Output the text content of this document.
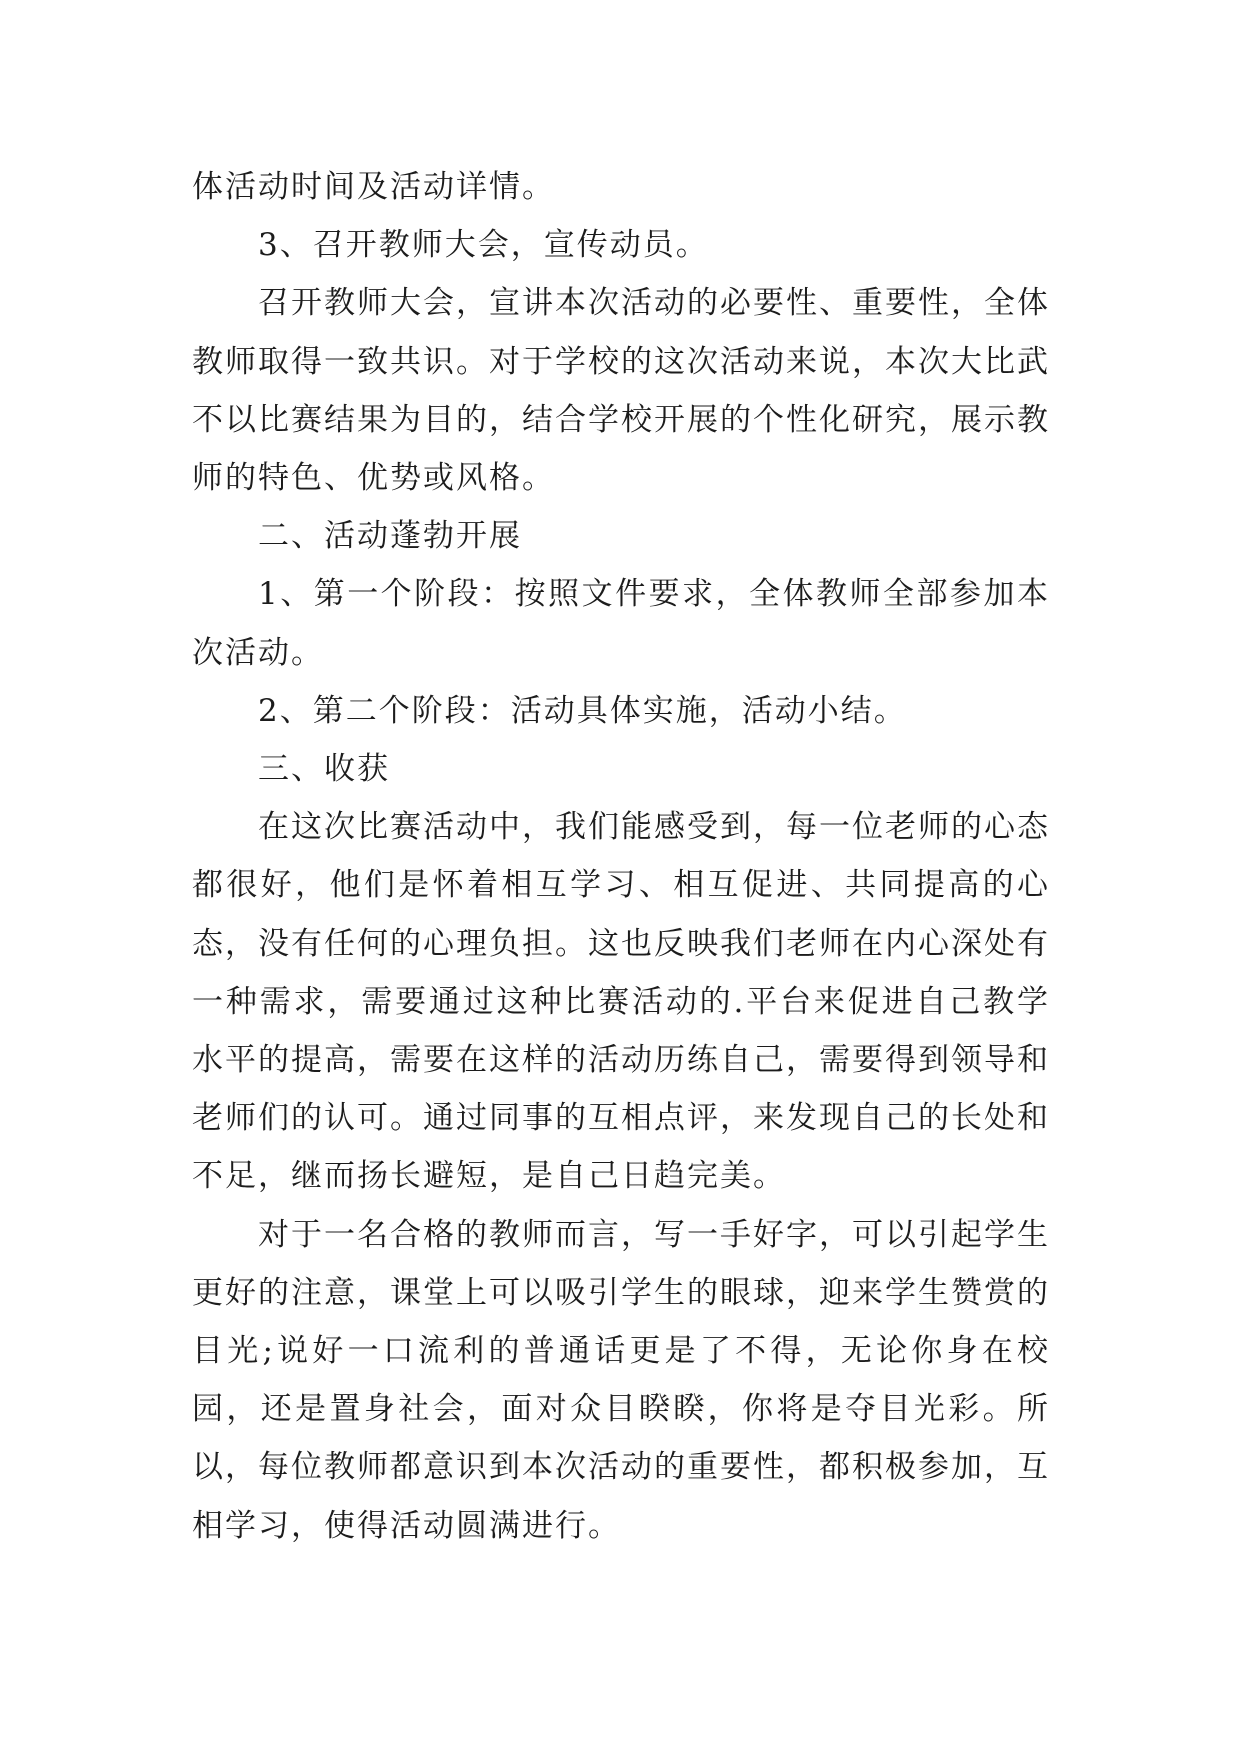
体活动时间及活动详情。

3、召开教师大会，宣传动员。

召开教师大会，宣讲本次活动的必要性、重要性，全体教师取得一致共识。对于学校的这次活动来说，本次大比武不以比赛结果为目的，结合学校开展的个性化研究，展示教师的特色、优势或风格。

二、活动蓬勃开展

1、第一个阶段：按照文件要求，全体教师全部参加本次活动。

2、第二个阶段：活动具体实施，活动小结。

三、收获

在这次比赛活动中，我们能感受到，每一位老师的心态都很好，他们是怀着相互学习、相互促进、共同提高的心态，没有任何的心理负担。这也反映我们老师在内心深处有一种需求，需要通过这种比赛活动的.平台来促进自己教学水平的提高，需要在这样的活动历练自己，需要得到领导和老师们的认可。通过同事的互相点评，来发现自己的长处和不足，继而扬长避短，是自己日趋完美。

对于一名合格的教师而言，写一手好字，可以引起学生更好的注意，课堂上可以吸引学生的眼球，迎来学生赞赏的目光;说好一口流利的普通话更是了不得，无论你身在校园，还是置身社会，面对众目睽睽，你将是夺目光彩。所以，每位教师都意识到本次活动的重要性，都积极参加，互相学习，使得活动圆满进行。
